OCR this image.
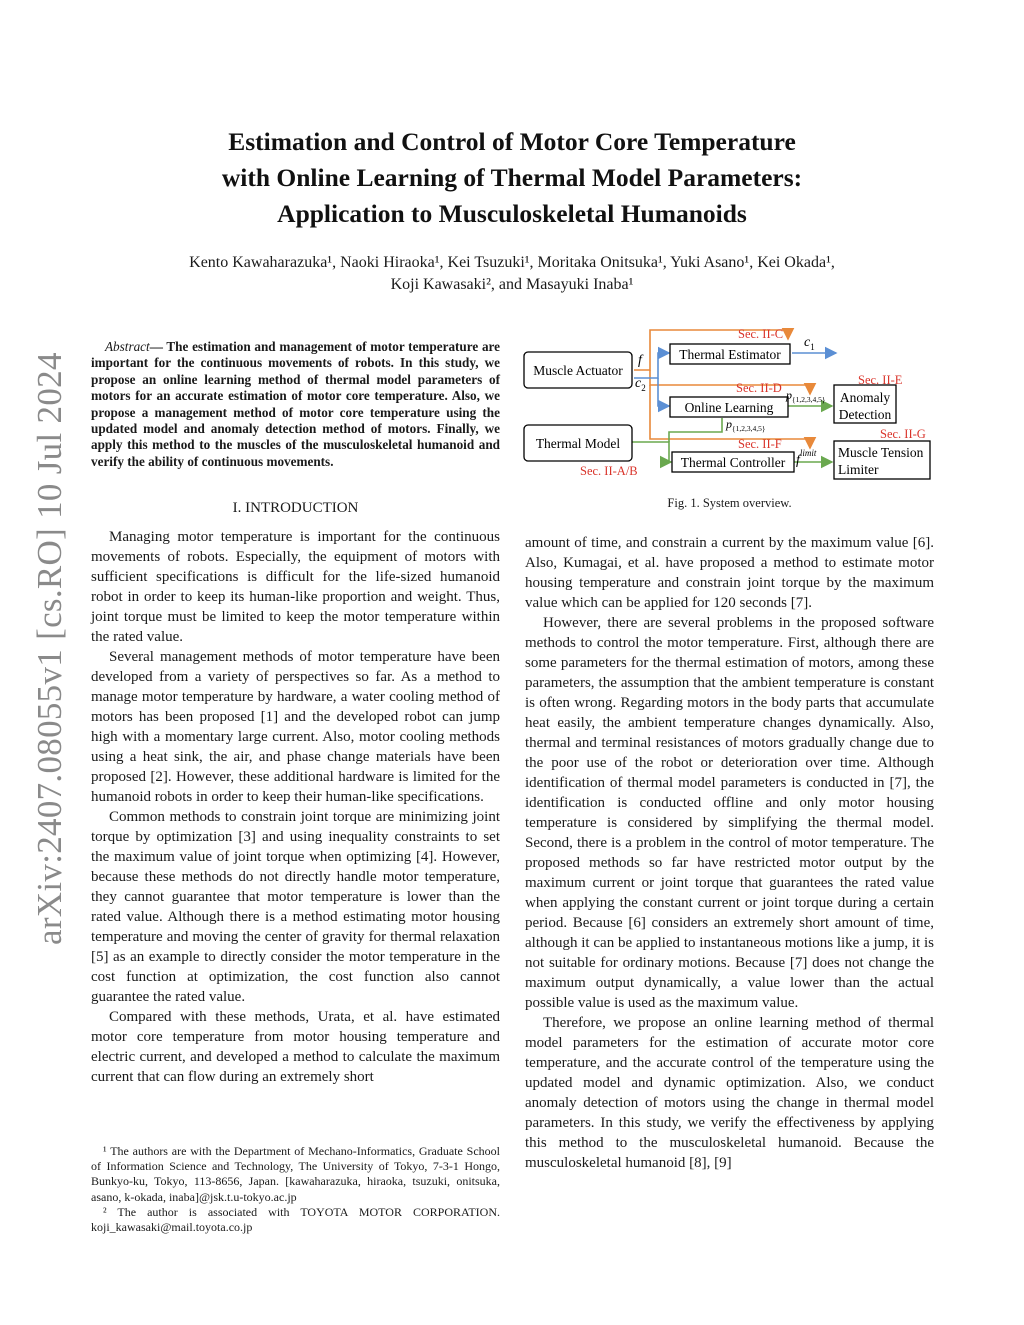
arXiv:2407.08055v1 [cs.RO] 10 Jul 2024
Estimation and Control of Motor Core Temperature
with Online Learning of Thermal Model Parameters:
Application to Musculoskeletal Humanoids
Kento Kawaharazuka¹, Naoki Hiraoka¹, Kei Tsuzuki¹, Moritaka Onitsuka¹, Yuki Asano¹, Kei Okada¹,
Koji Kawasaki², and Masayuki Inaba¹
Abstract— The estimation and management of motor temperature are important for the continuous movements of robots. In this study, we propose an online learning method of thermal model parameters of motors for an accurate estimation of motor core temperature. Also, we propose a management method of motor core temperature using the updated model and anomaly detection method of motors. Finally, we apply this method to the muscles of the musculoskeletal humanoid and verify the ability of continuous movements.
I. INTRODUCTION

Managing motor temperature is important for the continuous movements of robots. Especially, the equipment of motors with sufficient specifications is difficult for the life-sized humanoid robot in order to keep its human-like proportion and weight. Thus, joint torque must be limited to keep the motor temperature within the rated value.

Several management methods of motor temperature have been developed from a variety of perspectives so far. As a method to manage motor temperature by hardware, a water cooling method of motors has been proposed [1] and the developed robot can jump high with a momentary large current. Also, motor cooling methods using a heat sink, the air, and phase change materials have been proposed [2]. However, these additional hardware is limited for the humanoid robots in order to keep their human-like specifications.

Common methods to constrain joint torque are minimizing joint torque by optimization [3] and using inequality constraints to set the maximum value of joint torque when optimizing [4]. However, because these methods do not directly handle motor temperature, they cannot guarantee that motor temperature is lower than the rated value. Although there is a method estimating motor housing temperature and moving the center of gravity for thermal relaxation [5] as an example to directly consider the motor temperature in the cost function at optimization, the cost function also cannot guarantee the rated value.

Compared with these methods, Urata, et al. have estimated motor core temperature from motor housing temperature and electric current, and developed a method to calculate the maximum current that can flow during an extremely short

¹ The authors are with the Department of Mechano-Informatics, Graduate School of Information Science and Technology, The University of Tokyo, 7-3-1 Hongo, Bunkyo-ku, Tokyo, 113-8656, Japan. [kawaharazuka, hiraoka, tsuzuki, onitsuka, asano, k-okada, inaba]@jsk.t.u-tokyo.ac.jp

² The author is associated with TOYOTA MOTOR CORPORATION. koji_kawasaki@mail.toyota.co.jp

Muscle Actuator
Thermal Model
Thermal Estimator
Online Learning
Thermal Controller
Anomaly
Detection
Muscle Tension
Limiter
Sec. II-C
Sec. II-D
Sec. II-E
Sec. II-F
Sec. II-G
Sec. II-A/B
f
$c_2$
$c_1$
$p_{\{1,2,3,4,5\}}$
$p_{\{1,2,3,4,5\}}$
$f^{limit}$
Fig. 1. System overview.

amount of time, and constrain a current by the maximum value [6]. Also, Kumagai, et al. have proposed a method to estimate motor housing temperature and constrain joint torque by the maximum value which can be applied for 120 seconds [7].

However, there are several problems in the proposed software methods to control the motor temperature. First, although there are some parameters for the thermal estimation of motors, among these parameters, the assumption that the ambient temperature is constant is often wrong. Regarding motors in the body parts that accumulate heat easily, the ambient temperature changes dynamically. Also, thermal and terminal resistances of motors gradually change due to the poor use of the robot or deterioration over time. Although identification of thermal model parameters is conducted in [7], the identification is conducted offline and only motor housing temperature is considered by simplifying the thermal model. Second, there is a problem in the control of motor temperature. The proposed methods so far have restricted motor output by the maximum current or joint torque that guarantees the rated value when applying the constant current or joint torque during a certain period. Because [6] considers an extremely short amount of time, although it can be applied to instantaneous motions like a jump, it is not suitable for ordinary motions. Because [7] does not change the maximum output dynamically, a value lower than the actual possible value is used as the maximum value.

Therefore, we propose an online learning method of thermal model parameters for the estimation of accurate motor core temperature, and the accurate control of the temperature using the updated model and dynamic optimization. Also, we conduct anomaly detection of motors using the change in thermal model parameters. In this study, we verify the effectiveness by applying this method to the musculoskeletal humanoid. Because the musculoskeletal humanoid [8], [9]
